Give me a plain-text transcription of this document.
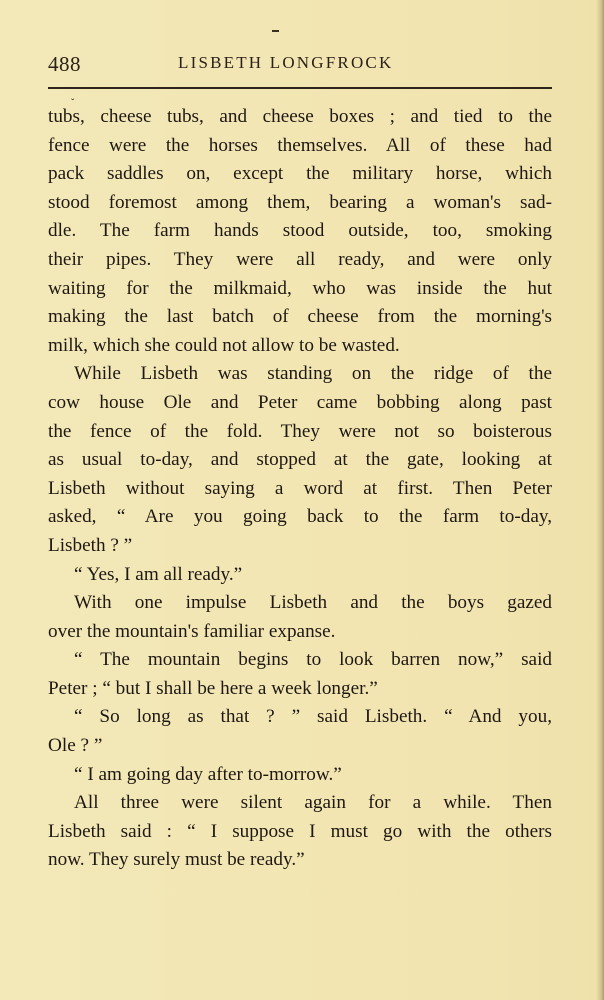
488	LISBETH LONGFROCK
ˇ
tubs, cheese tubs, and cheese boxes ; and tied to the
fence were the horses themselves. All of these had
pack saddles on, except the military horse, which
stood foremost among them, bearing a woman's sad-
dle. The farm hands stood outside, too, smoking
their pipes. They were all ready, and were only
waiting for the milkmaid, who was inside the hut
making the last batch of cheese from the morning's
milk, which she could not allow to be wasted.
While Lisbeth was standing on the ridge of the
cow house Ole and Peter came bobbing along past
the fence of the fold. They were not so boisterous
as usual to-day, and stopped at the gate, looking at
Lisbeth without saying a word at first. Then Peter
asked, “ Are you going back to the farm to-day,
Lisbeth ? ”
“ Yes, I am all ready.”
With one impulse Lisbeth and the boys gazed
over the mountain's familiar expanse.
“ The mountain begins to look barren now,” said
Peter ; “ but I shall be here a week longer.”
“ So long as that ? ” said Lisbeth. “ And you,
Ole ? ”
“ I am going day after to-morrow.”
All three were silent again for a while. Then
Lisbeth said : “ I suppose I must go with the others
now. They surely must be ready.”
